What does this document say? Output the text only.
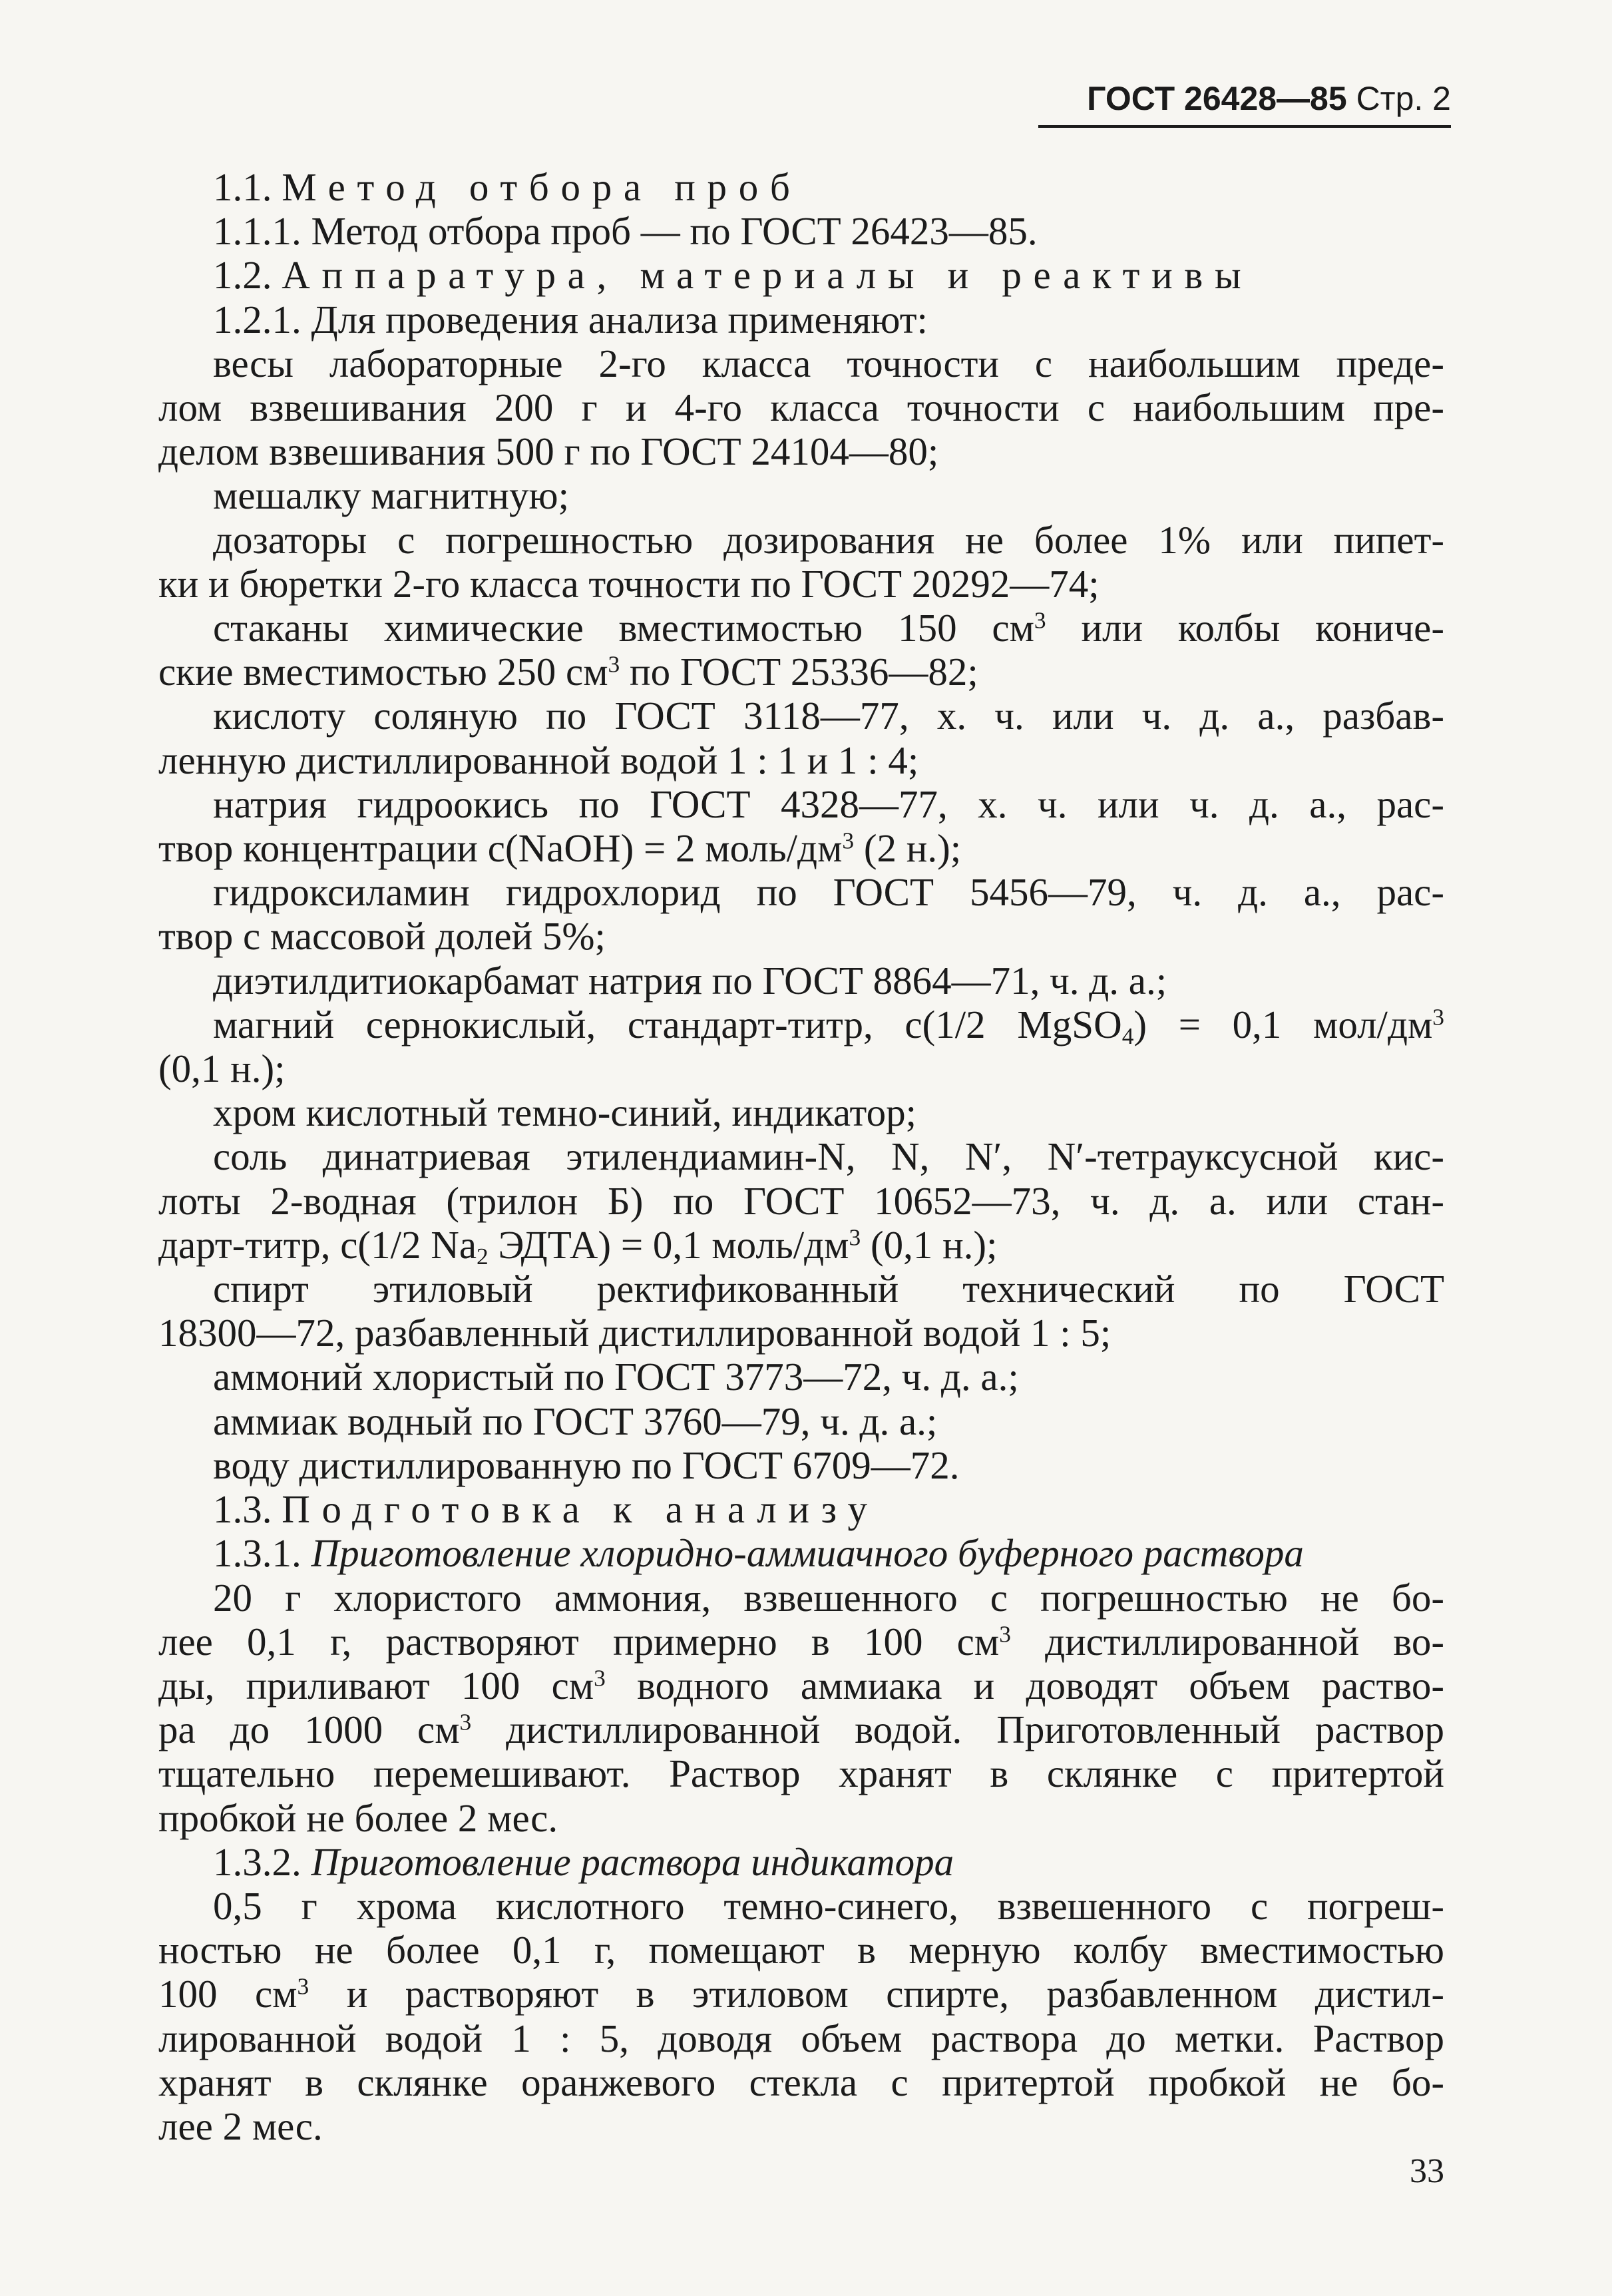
ГОСТ 26428—85 Стр. 2
1.1. Метод отбора проб
1.1.1. Метод отбора проб — по ГОСТ 26423—85.
1.2. Аппаратура, материалы и реактивы
1.2.1. Для проведения анализа применяют:
весы лабораторные 2-го класса точности с наибольшим преде-
лом взвешивания 200 г и 4-го класса точности с наибольшим пре-
делом взвешивания 500 г по ГОСТ 24104—80;
мешалку магнитную;
дозаторы с погрешностью дозирования не более 1% или пипет-
ки и бюретки 2-го класса точности по ГОСТ 20292—74;
стаканы химические вместимостью 150 $см^3$ или колбы кониче-
ские вместимостью 250 $см^3$ по ГОСТ 25336—82;
кислоту соляную по ГОСТ 3118—77, х. ч. или ч. д. а., разбав-
ленную дистиллированной водой 1 : 1 и 1 : 4;
натрия гидроокись по ГОСТ 4328—77, х. ч. или ч. д. а., рас-
твор концентрации c(NaOH) = 2 моль/$дм^3$ (2 н.);
гидроксиламин гидрохлорид по ГОСТ 5456—79, ч. д. а., рас-
твор с массовой долей 5%;
диэтилдитиокарбамат натрия по ГОСТ 8864—71, ч. д. а.;
магний сернокислый, стандарт-титр, c(1/2 MgSO$_4$) = 0,1 мол/$дм^3$
(0,1 н.);
хром кислотный темно-синий, индикатор;
соль динатриевая этилендиамин-N, N, N′, N′-тетрауксусной кис-
лоты 2-водная (трилон Б) по ГОСТ 10652—73, ч. д. а. или стан-
дарт-титр, c(1/2 $Na_2$ ЭДТА) = 0,1 моль/$дм^3$ (0,1 н.);
спирт этиловый ректификованный технический по ГОСТ
18300—72, разбавленный дистиллированной водой 1 : 5;
аммоний хлористый по ГОСТ 3773—72, ч. д. а.;
аммиак водный по ГОСТ 3760—79, ч. д. а.;
воду дистиллированную по ГОСТ 6709—72.
1.3. Подготовка к анализу
1.3.1. Приготовление хлоридно-аммиачного буферного раствора
20 г хлористого аммония, взвешенного с погрешностью не бо-
лее 0,1 г, растворяют примерно в 100 $см^3$ дистиллированной во-
ды, приливают 100 $см^3$ водного аммиака и доводят объем раство-
ра до 1000 $см^3$ дистиллированной водой. Приготовленный раствор
тщательно перемешивают. Раствор хранят в склянке с притертой
пробкой не более 2 мес.
1.3.2. Приготовление раствора индикатора
0,5 г хрома кислотного темно-синего, взвешенного с погреш-
ностью не более 0,1 г, помещают в мерную колбу вместимостью
100 $см^3$ и растворяют в этиловом спирте, разбавленном дистил-
лированной водой 1 : 5, доводя объем раствора до метки. Раствор
хранят в склянке оранжевого стекла с притертой пробкой не бо-
лее 2 мес.
33
